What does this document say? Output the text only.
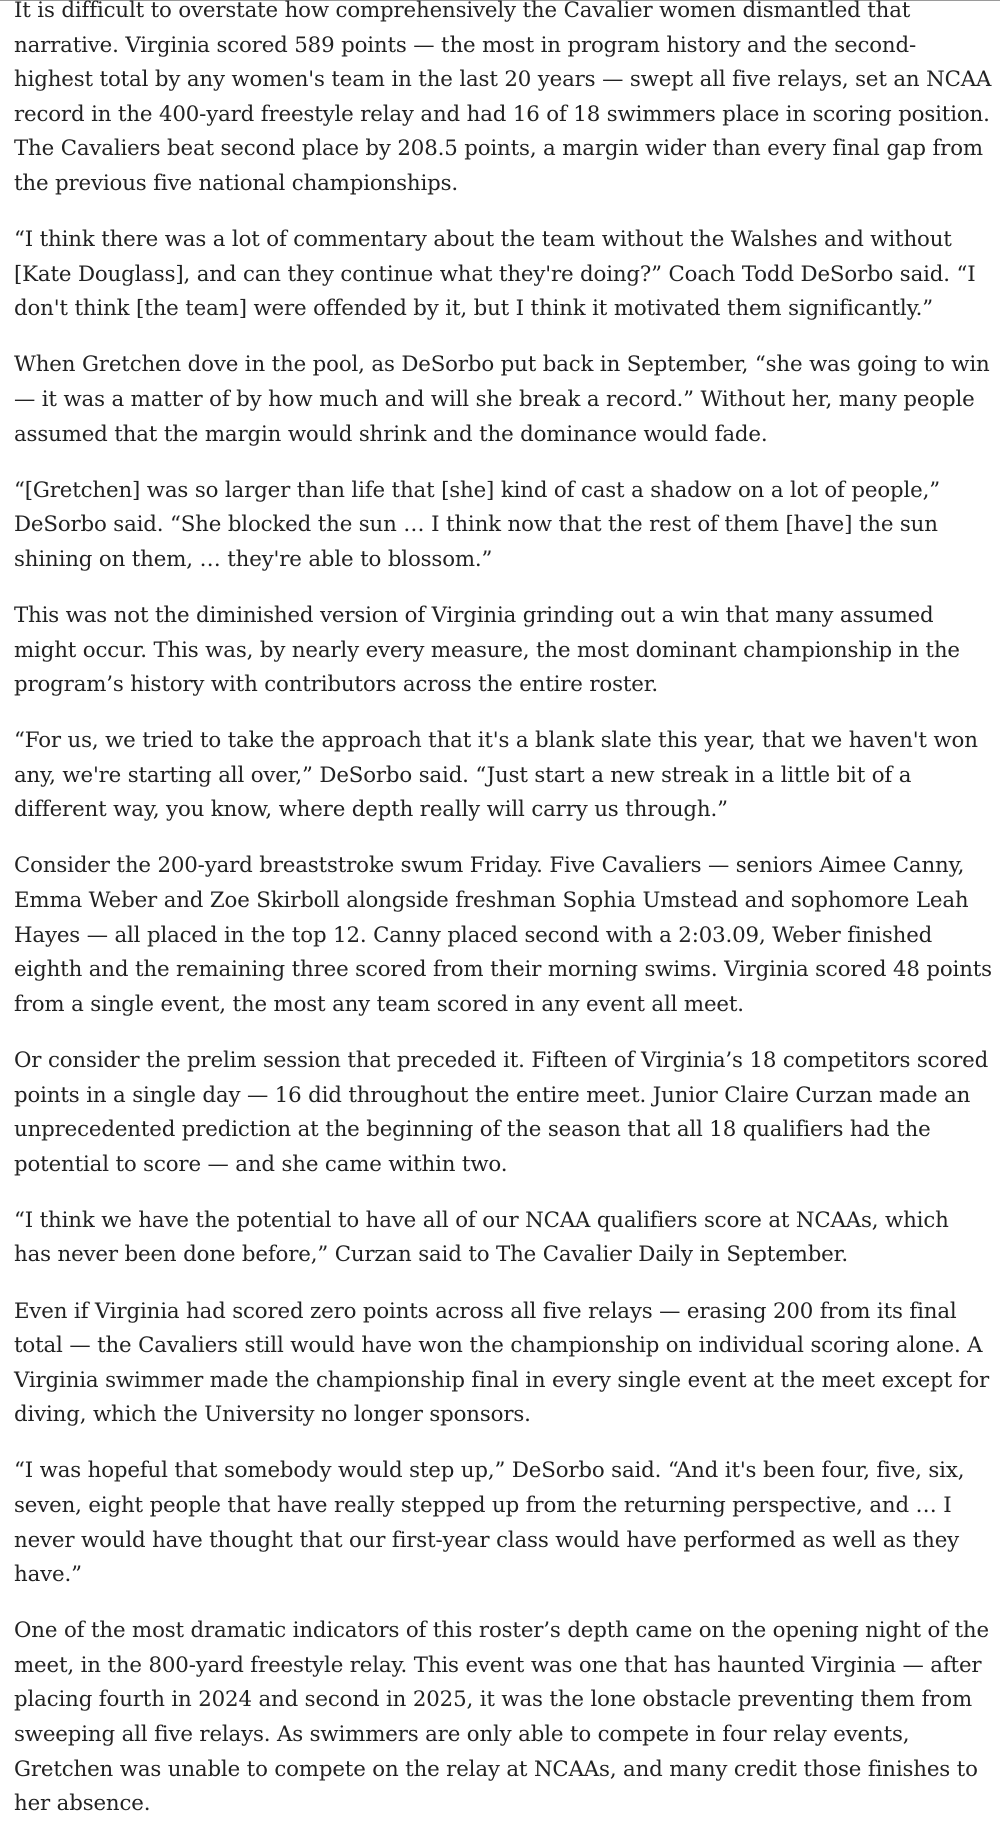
It is difficult to overstate how comprehensively the Cavalier women dismantled that narrative. Virginia scored 589 points — the most in program history and the second-highest total by any women's team in the last 20 years — swept all five relays, set an NCAA record in the 400-yard freestyle relay and had 16 of 18 swimmers place in scoring position. The Cavaliers beat second place by 208.5 points, a margin wider than every final gap from the previous five national championships.

“I think there was a lot of commentary about the team without the Walshes and without [Kate Douglass], and can they continue what they're doing?” Coach Todd DeSorbo said. “I don't think [the team] were offended by it, but I think it motivated them significantly.”

When Gretchen dove in the pool, as DeSorbo put back in September, “she was going to win — it was a matter of by how much and will she break a record.” Without her, many people assumed that the margin would shrink and the dominance would fade.

“[Gretchen] was so larger than life that [she] kind of cast a shadow on a lot of people,” DeSorbo said. “She blocked the sun … I think now that the rest of them [have] the sun shining on them, … they're able to blossom.”

This was not the diminished version of Virginia grinding out a win that many assumed might occur. This was, by nearly every measure, the most dominant championship in the program’s history with contributors across the entire roster.

“For us, we tried to take the approach that it's a blank slate this year, that we haven't won any, we're starting all over,” DeSorbo said. “Just start a new streak in a little bit of a different way, you know, where depth really will carry us through.”

Consider the 200-yard breaststroke swum Friday. Five Cavaliers — seniors Aimee Canny, Emma Weber and Zoe Skirboll alongside freshman Sophia Umstead and sophomore Leah Hayes — all placed in the top 12. Canny placed second with a 2:03.09, Weber finished eighth and the remaining three scored from their morning swims. Virginia scored 48 points from a single event, the most any team scored in any event all meet.

Or consider the prelim session that preceded it. Fifteen of Virginia’s 18 competitors scored points in a single day — 16 did throughout the entire meet. Junior Claire Curzan made an unprecedented prediction at the beginning of the season that all 18 qualifiers had the potential to score — and she came within two.

“I think we have the potential to have all of our NCAA qualifiers score at NCAAs, which has never been done before,” Curzan said to The Cavalier Daily in September.

Even if Virginia had scored zero points across all five relays — erasing 200 from its final total — the Cavaliers still would have won the championship on individual scoring alone. A Virginia swimmer made the championship final in every single event at the meet except for diving, which the University no longer sponsors.

“I was hopeful that somebody would step up,” DeSorbo said. “And it's been four, five, six, seven, eight people that have really stepped up from the returning perspective, and … I never would have thought that our first-year class would have performed as well as they have.”

One of the most dramatic indicators of this roster’s depth came on the opening night of the meet, in the 800-yard freestyle relay. This event was one that has haunted Virginia — after placing fourth in 2024 and second in 2025, it was the lone obstacle preventing them from sweeping all five relays. As swimmers are only able to compete in four relay events, Gretchen was unable to compete on the relay at NCAAs, and many credit those finishes to her absence.
